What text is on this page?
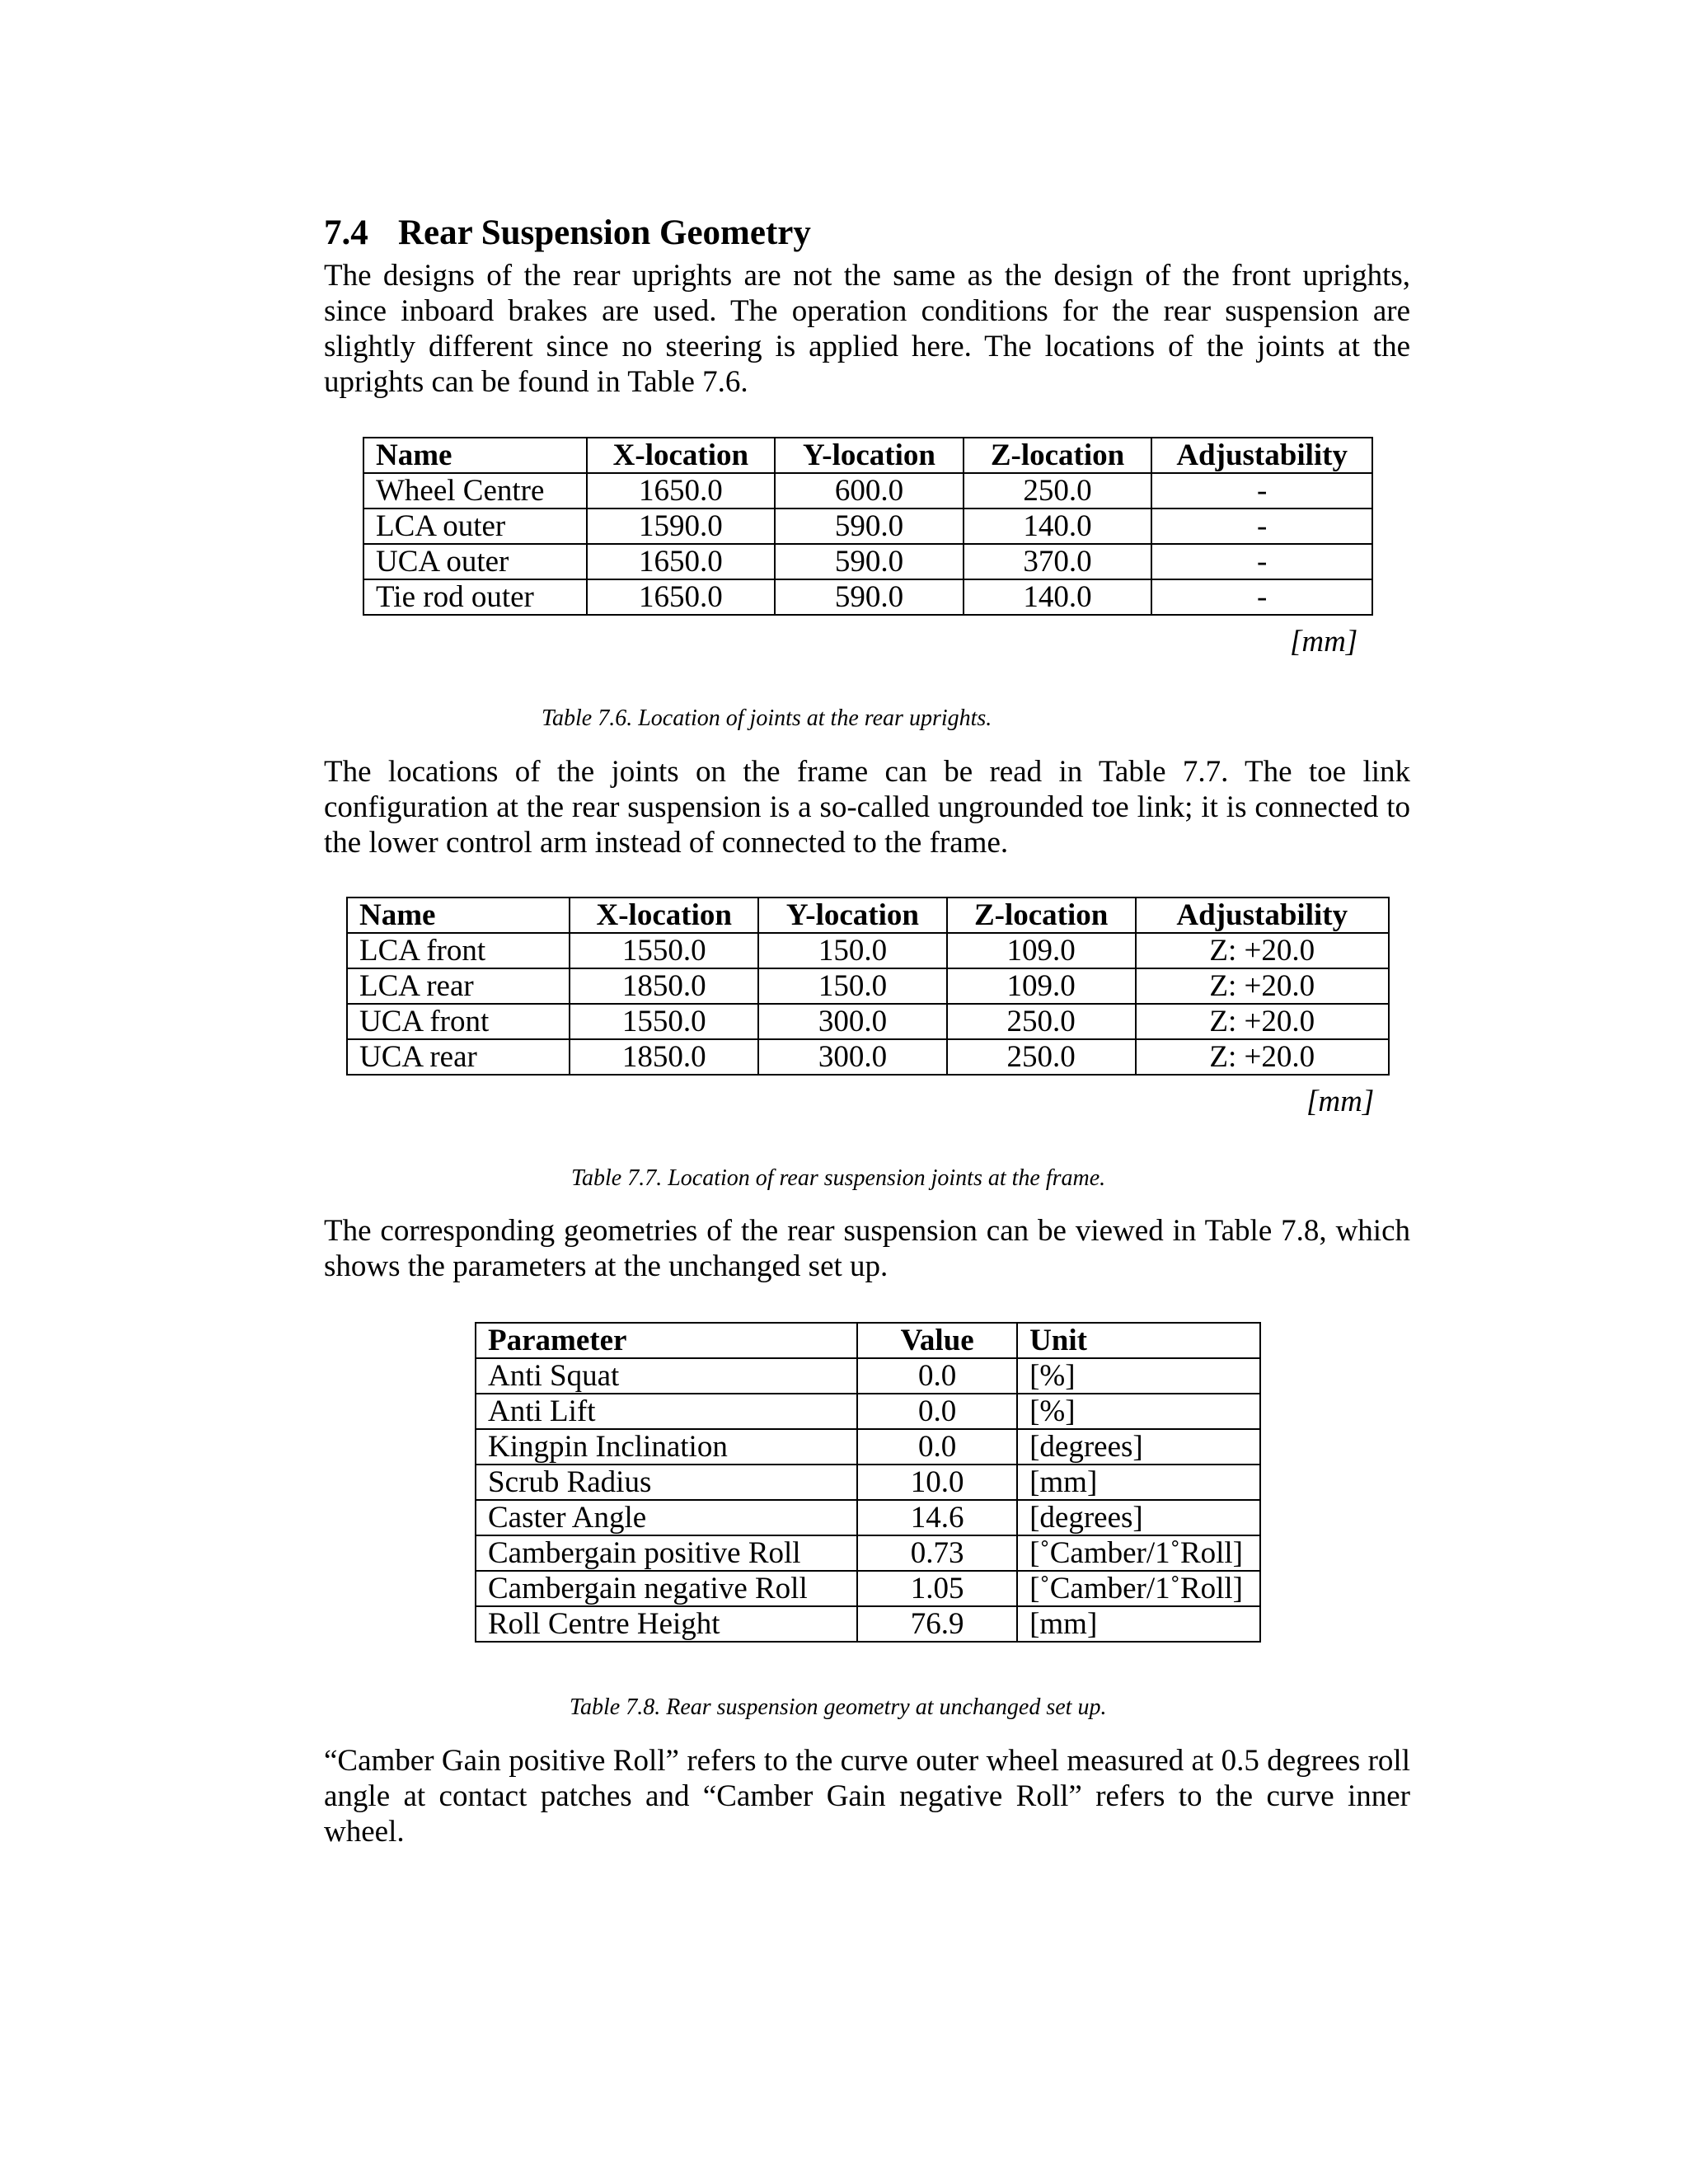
7.4 Rear Suspension Geometry

The designs of the rear uprights are not the same as the design of the front uprights, since inboard brakes are used. The operation conditions for the rear suspension are slightly different since no steering is applied here. The locations of the joints at the uprights can be found in Table 7.6.

Name	X-location	Y-location	Z-location	Adjustability
Wheel Centre	1650.0	600.0	250.0	-
LCA outer	1590.0	590.0	140.0	-
UCA outer	1650.0	590.0	370.0	-
Tie rod outer	1650.0	590.0	140.0	-
[mm]

Table 7.6. Location of joints at the rear uprights.

The locations of the joints on the frame can be read in Table 7.7. The toe link configuration at the rear suspension is a so-called ungrounded toe link; it is connected to the lower control arm instead of connected to the frame.

Name	X-location	Y-location	Z-location	Adjustability
LCA front	1550.0	150.0	109.0	Z: +20.0
LCA rear	1850.0	150.0	109.0	Z: +20.0
UCA front	1550.0	300.0	250.0	Z: +20.0
UCA rear	1850.0	300.0	250.0	Z: +20.0
[mm]

Table 7.7. Location of rear suspension joints at the frame.

The corresponding geometries of the rear suspension can be viewed in Table 7.8, which shows the parameters at the unchanged set up.

Parameter	Value	Unit
Anti Squat	0.0	[%]
Anti Lift	0.0	[%]
Kingpin Inclination	0.0	[degrees]
Scrub Radius	10.0	[mm]
Caster Angle	14.6	[degrees]
Cambergain positive Roll	0.73	[˚Camber/1˚Roll]
Cambergain negative Roll	1.05	[˚Camber/1˚Roll]
Roll Centre Height	76.9	[mm]

Table 7.8. Rear suspension geometry at unchanged set up.

“Camber Gain positive Roll” refers to the curve outer wheel measured at 0.5 degrees roll angle at contact patches and “Camber Gain negative Roll” refers to the curve inner wheel.
